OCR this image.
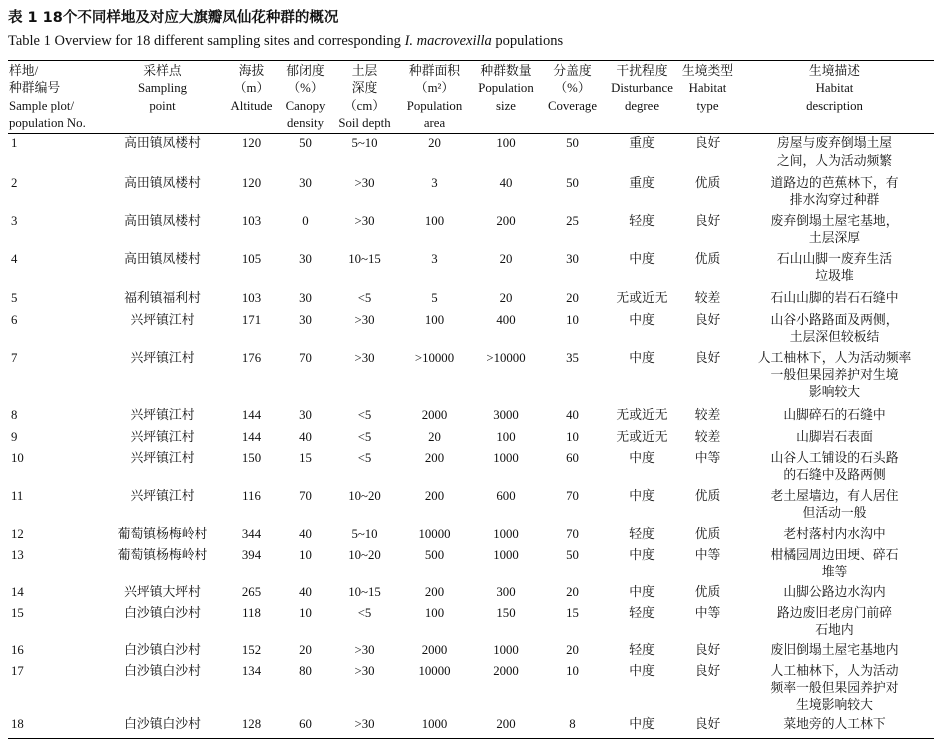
表 1 18个不同样地及对应大旗瓣凤仙花种群的概况
Table 1 Overview for 18 different sampling sites and corresponding I. macrovexilla populations
样地/
种群编号
Sample plot/
population No.	采样点
Sampling
point	海拔
（m）
Altitude	郁闭度
（%）
Canopy
density	土层
深度
（cm）
Soil depth	种群面积
（m²）
Population
area	种群数量
Population
size	分盖度
（%）
Coverage	干扰程度
Disturbance
degree	生境类型
Habitat
type	生境描述
Habitat
description

1	高田镇凤楼村	120	50	5~10	20	100	50	重度	良好	房屋与废弃倒塌土屋
之间，人为活动频繁

2	高田镇凤楼村	120	30	>30	3	40	50	重度	优质	道路边的芭蕉林下，有
排水沟穿过种群

3	高田镇凤楼村	103	0	>30	100	200	25	轻度	良好	废弃倒塌土屋宅基地，
土层深厚

4	高田镇凤楼村	105	30	10~15	3	20	30	中度	优质	石山山脚一废弃生活
垃圾堆

5	福利镇福利村	103	30	<5	5	20	20	无或近无	较差	石山山脚的岩石石缝中

6	兴坪镇江村	171	30	>30	100	400	10	中度	良好	山谷小路路面及两侧，
土层深但较板结

7	兴坪镇江村	176	70	>30	>10000	>10000	35	中度	良好	人工柚林下，人为活动频率
一般但果园养护对生境
影响较大

8	兴坪镇江村	144	30	<5	2000	3000	40	无或近无	较差	山脚碎石的石缝中

9	兴坪镇江村	144	40	<5	20	100	10	无或近无	较差	山脚岩石表面

10	兴坪镇江村	150	15	<5	200	1000	60	中度	中等	山谷人工铺设的石头路
的石缝中及路两侧

11	兴坪镇江村	116	70	10~20	200	600	70	中度	优质	老土屋墙边，有人居住
但活动一般

12	葡萄镇杨梅岭村	344	40	5~10	10000	1000	70	轻度	优质	老村落村内水沟中

13	葡萄镇杨梅岭村	394	10	10~20	500	1000	50	中度	中等	柑橘园周边田埂、碎石
堆等

14	兴坪镇大坪村	265	40	10~15	200	300	20	中度	优质	山脚公路边水沟内

15	白沙镇白沙村	118	10	<5	100	150	15	轻度	中等	路边废旧老房门前碎
石地内

16	白沙镇白沙村	152	20	>30	2000	1000	20	轻度	良好	废旧倒塌土屋宅基地内

17	白沙镇白沙村	134	80	>30	10000	2000	10	中度	良好	人工柚林下，人为活动
频率一般但果园养护对
生境影响较大

18	白沙镇白沙村	128	60	>30	1000	200	8	中度	良好	菜地旁的人工林下
